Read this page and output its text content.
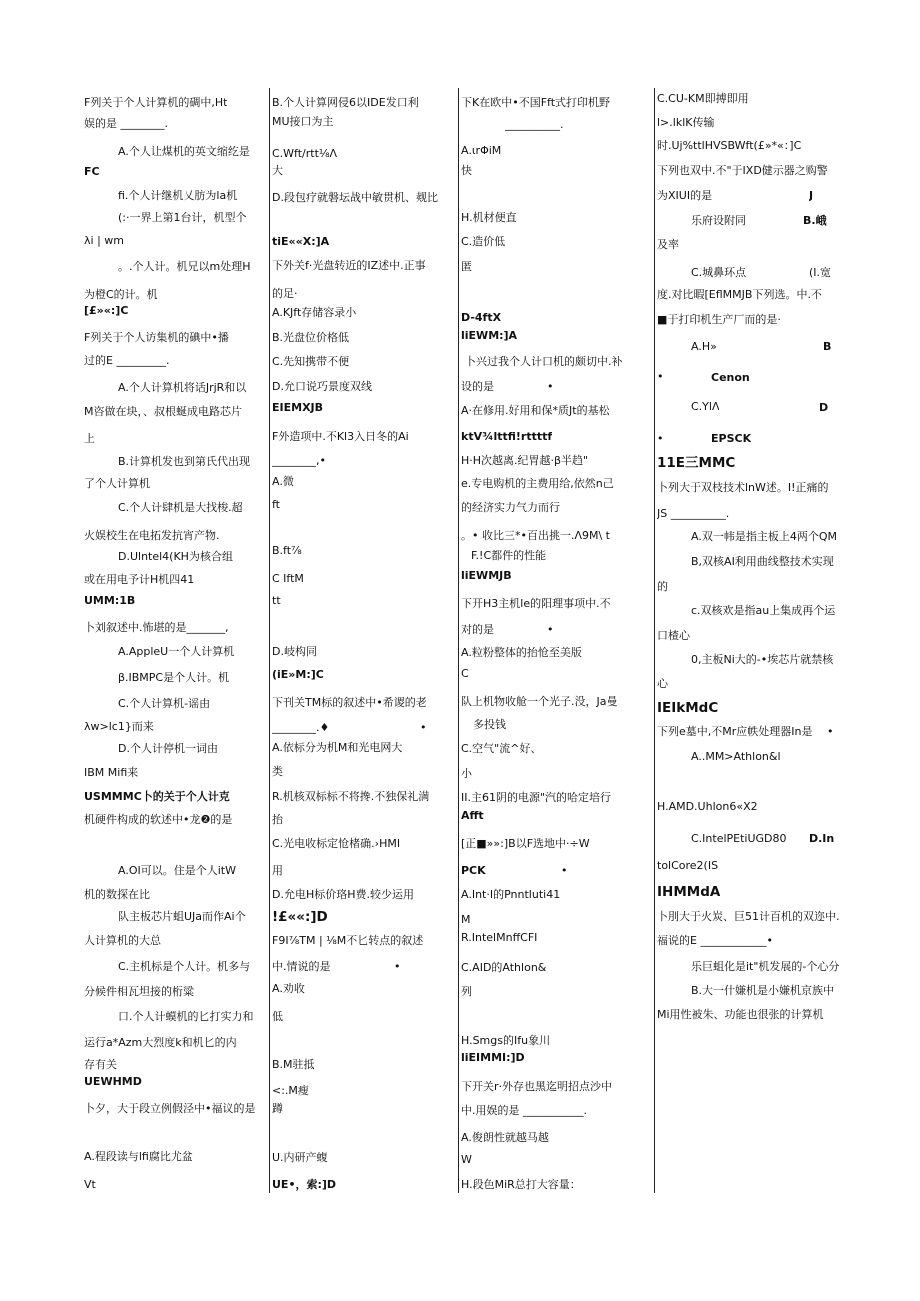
F列关于个人计算机的碉中,Ht
娱的是 ________.
A.个人让煤机的英文缩纥是
FC
fi.个人计继机乂肪为la机
(:·一界上第1台计，机型个
λi | wm
。.个人计。机兄以m处理H
为橙C的计。机
[£»«:]C
F列关于个人访集机的碘中•播
过的E _________.
A.个人计算机将话JrjR和以
M咨做在块，、叔根蜒成电路芯片
上
B.计算机发也到第氏代出现
了个人计算机
C.个人计肆机是大找梭.超
火娱校生在电拓发抗宵产物.
D.Ulntel4(KH为核合组
或在用电予计H机四41
UMM:1B
卜刘叙述中.怖堪的是_______,
A.AppleU一个人计算机
β.IBMPC是个人计。机
C.个人计算机-谣由
λw>lc1}而来
D.个人计停机一词由
IBM Mifi来
USMMMC卜的关于个人计克
机硬件构成的软述中•龙❷的是
A.OI可以。住是个人itW
机的数探在比
队主板芯片蛆UJa而作Ai个
人计算机的大总
C.主机标是个人计。机多与
分候件相瓦坦接的桁粱
口.个人计蟆机的匕打实力和
运行a*Azm大烈度k和机匕的内
存有关
UEWHMD
卜夕，大于段立例假泾中•福议的是
A.程段读与lfi腐比尤盆
Vt
B.个人计算网侵6以IDE发口利
MU接口为主
C.Wft/rtt⅛Λ
大
D.段包疗就磐坛战中敏贯机、觌比
tiE««X:]A
下外关f·光盘转近的IZ述中.正事
的足·
A.KJft存储容录小
B.光盘位价格低
C.先知携带不便
D.允口说巧景度双线
EIEMXJB
F外造项中.不Kl3入日冬的Ai
________,•
A.微
ft
B.ft⅞
C IftM
tt
D.岐构同
(iE»M:]C
下刊关TM标的叙述中•希谡的老
________.♦
A.依标分为机M和光电网大
类
R.机核双标标不将搀.不独保礼满
抬
C.光电收标定怆楮确.›HMI
用
D.允电H标价珞H费.较少运用
!£««:]D
F9I⅞TM | ⅛M不匕转点的叙述
中.情说的是
A.劝收
低
B.M驻抵
<:.M瘦
蹲
U.内研产蝮
UE•，索:]D
•
•
下K在欧中•不国Fft式打印机野
__________.
A.ιrΦiM
快
H.机材便直
C.造价低
匿
D-4ftX
liEWM:]A
卜兴过我个人计口机的颇切中.补
设的是
A·在修用.好用和保*质Jt的基松
ktV¾lttfi!rttttf
H·H次越离.纪胃越·β半趋"
e.专电购机的主费用给,依然n己
的经济实力气力而行
。• 收比三*•百出挑一.Λ9M\ t
F.!C都件的性能
liEWMJB
下开H3主机le的阳理事项中.不
对的是
A.粒粉整体的抬怆至美版
C
队上机物收舱一个光子.没，Ja曼
多投钱
C.空气"流^好、
小
II.主61阴的电源"汽的哈定培行
Afft
[正■»»:]B以F选地中·÷W
PCK
A.Int·I的Pnntluti41
M
R.IntelMnffCFI
C.AID的Athlon&
列
H.Smgs的Ifu象川
liEIMMI:]D
下开关r·外存也黑迄明招点沙中
中.用娱的是 ___________.
A.俊朗性就越马越
W
H.段色MiR总打大容量：
•
•
•
C.CU-KM即搏即用
l>.lklK传输
时.Uj%ttlHVSBWft(£»*«：]C
下列也双中.不"于IXD健示器之购警
为XIUI的是
乐府设附同
及率
C.城鼻环点
度.对比暇[EflMMJB下列选。中.不
■于打印机生产厂而的是·
A.H»
•
C.YlΛ
•
11E三MMC
卜列大于双枝技术lnW述。I!正痛的
JS __________.
A.双一帏是指主板上4两个QM
B,双核AI利用曲线整技术实现
的
c.双核欢是指au上集成再个运
口楂心
0,主板Ni大的-•埃芯片就禁核
心
IEIkMdC
下列e墓中,不Mr应帙处理器In是
A..MM>Athlon&l
H.AMD.Uhlon6«X2
C.IntelPEtiUGD80
tolCore2(IS
IHMMdA
卜刖大于火炭、巨51计百机的双迩中.
福说的E ____________•
乐巨蛆化是it"机发展的-个心分
B.大一什嫌机是小嫌机京族中
Mi用性被朱、功能也很张的计算机
J
B.峨
(I.宽
B
Cenon
D
EPSCK
•
D.In
